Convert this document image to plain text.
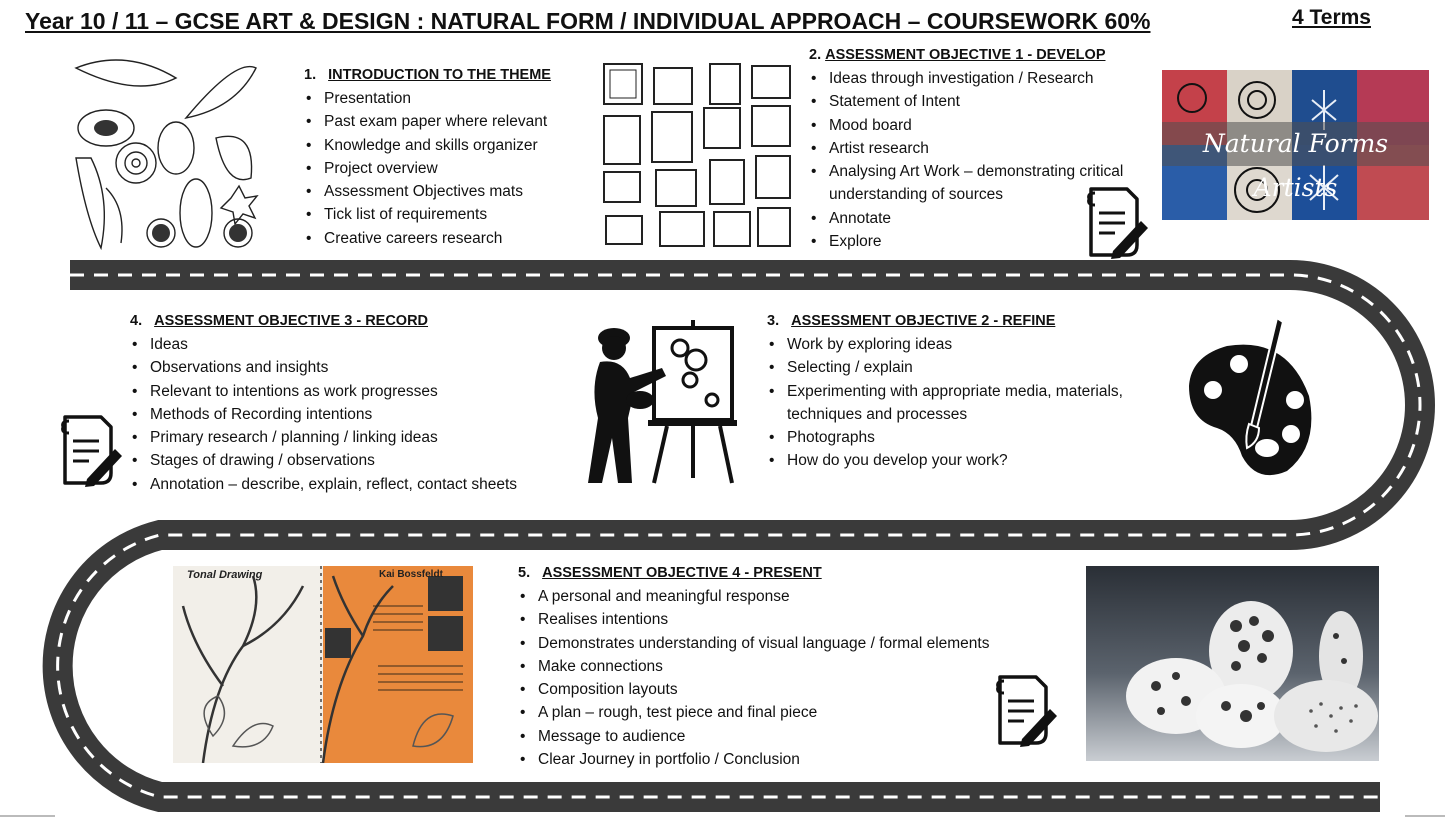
Year 10 / 11 – GCSE ART & DESIGN : NATURAL FORM / INDIVIDUAL APPROACH – COURSEWORK 60%	4 Terms
1. INTRODUCTION TO THE THEME
• Presentation
• Past exam paper where relevant
• Knowledge and skills organizer
• Project overview
• Assessment Objectives mats
• Tick list of requirements
• Creative careers research
2. ASSESSMENT OBJECTIVE 1 - DEVELOP
• Ideas through investigation / Research
• Statement of Intent
• Mood board
• Artist research
• Analysing Art Work – demonstrating critical understanding of sources
• Annotate
• Explore
Natural Forms Artists
4. ASSESSMENT OBJECTIVE 3 - RECORD
• Ideas
• Observations and insights
• Relevant to intentions as work progresses
• Methods of Recording intentions
• Primary research / planning / linking ideas
• Stages of drawing / observations
• Annotation – describe, explain, reflect, contact sheets
3. ASSESSMENT OBJECTIVE 2 - REFINE
• Work by exploring ideas
• Selecting / explain
• Experimenting with appropriate media, materials, techniques and processes
• Photographs
• How do you develop your work?
Tonal Drawing	Kai Bossfeldt	5. ASSESSMENT OBJECTIVE 4 - PRESENT
• A personal and meaningful response
• Realises intentions
• Demonstrates understanding of visual language / formal elements
• Make connections
• Composition layouts
• A plan – rough, test piece and final piece
• Message to audience
• Clear Journey in portfolio / Conclusion
